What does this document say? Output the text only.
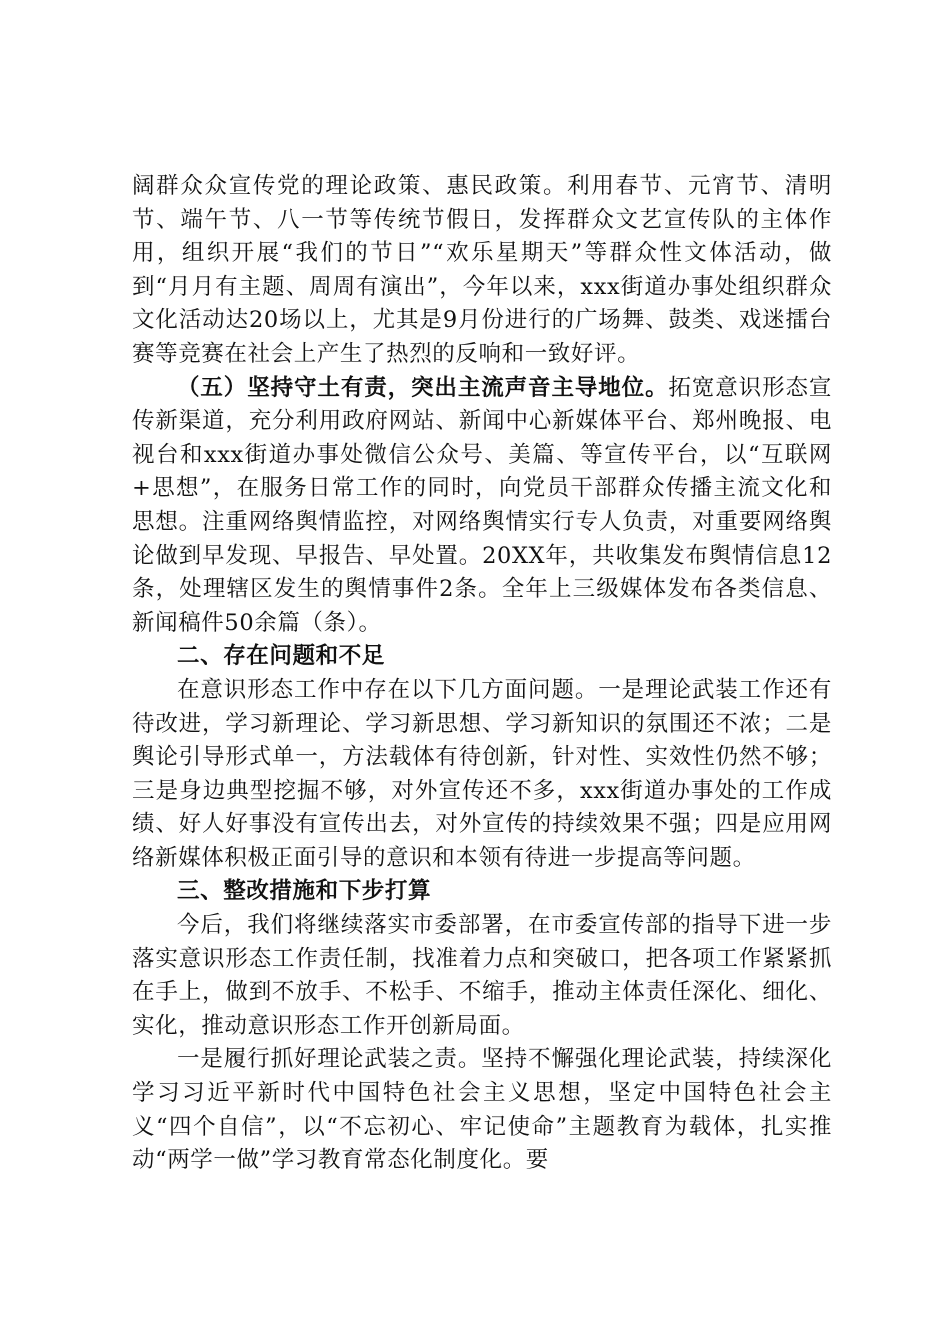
阔群众众宣传党的理论政策、惠民政策。利用春节、元宵节、清明节、端午节、八一节等传统节假日，发挥群众文艺宣传队的主体作用，组织开展“我们的节日”“欢乐星期天”等群众性文体活动，做到“月月有主题、周周有演出”，今年以来，xxx街道办事处组织群众文化活动达20场以上，尤其是9月份进行的广场舞、鼓类、戏迷擂台赛等竞赛在社会上产生了热烈的反响和一致好评。

（五）坚持守土有责，突出主流声音主导地位。拓宽意识形态宣传新渠道，充分利用政府网站、新闻中心新媒体平台、郑州晚报、电视台和xxx街道办事处微信公众号、美篇、等宣传平台，以“互联网+思想”，在服务日常工作的同时，向党员干部群众传播主流文化和思想。注重网络舆情监控，对网络舆情实行专人负责，对重要网络舆论做到早发现、早报告、早处置。20XX年，共收集发布舆情信息12条，处理辖区发生的舆情事件2条。全年上三级媒体发布各类信息、新闻稿件50余篇（条）。

二、存在问题和不足

在意识形态工作中存在以下几方面问题。一是理论武装工作还有待改进，学习新理论、学习新思想、学习新知识的氛围还不浓；二是舆论引导形式单一，方法载体有待创新，针对性、实效性仍然不够；三是身边典型挖掘不够，对外宣传还不多，xxx街道办事处的工作成绩、好人好事没有宣传出去，对外宣传的持续效果不强；四是应用网络新媒体积极正面引导的意识和本领有待进一步提高等问题。

三、整改措施和下步打算

今后，我们将继续落实市委部署，在市委宣传部的指导下进一步落实意识形态工作责任制，找准着力点和突破口，把各项工作紧紧抓在手上，做到不放手、不松手、不缩手，推动主体责任深化、细化、实化，推动意识形态工作开创新局面。

一是履行抓好理论武装之责。坚持不懈强化理论武装，持续深化学习习近平新时代中国特色社会主义思想，坚定中国特色社会主义“四个自信”，以“不忘初心、牢记使命”主题教育为载体，扎实推动“两学一做”学习教育常态化制度化。要
